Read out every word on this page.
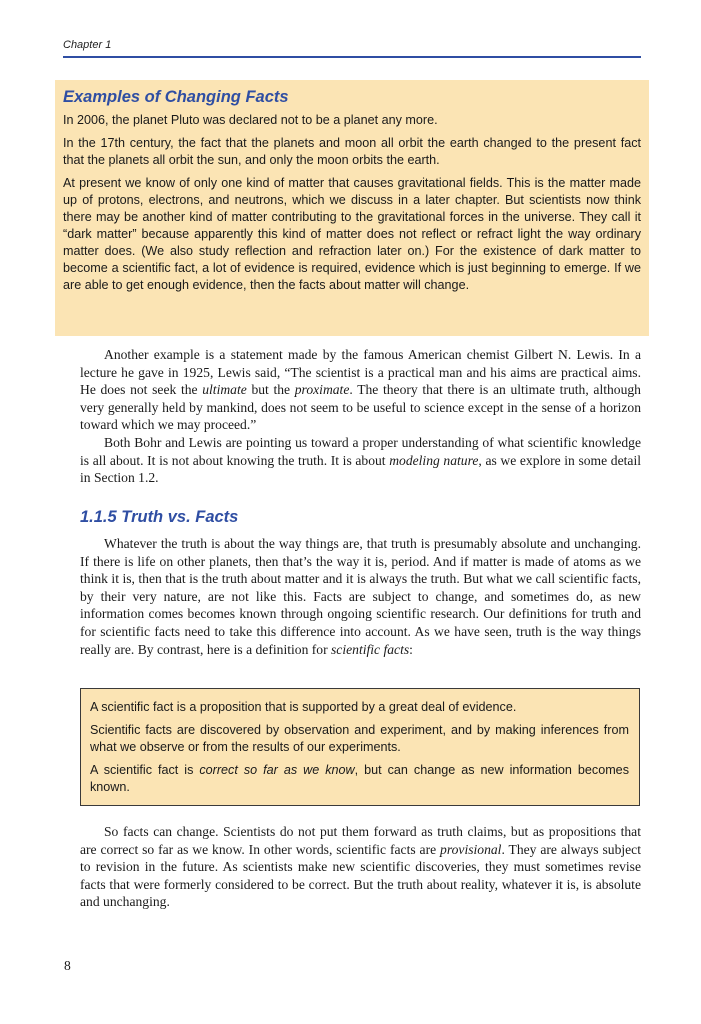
Chapter 1
Examples of Changing Facts

In 2006, the planet Pluto was declared not to be a planet any more.

In the 17th century, the fact that the planets and moon all orbit the earth changed to the present fact that the planets all orbit the sun, and only the moon orbits the earth.

At present we know of only one kind of matter that causes gravitational fields. This is the matter made up of protons, electrons, and neutrons, which we discuss in a later chapter. But scientists now think there may be another kind of matter contributing to the gravitational forces in the universe. They call it “dark matter” because apparently this kind of matter does not reflect or refract light the way ordinary matter does. (We also study reflection and refraction later on.) For the existence of dark matter to become a scientific fact, a lot of evidence is required, evidence which is just beginning to emerge. If we are able to get enough evidence, then the facts about matter will change.

Another example is a statement made by the famous American chemist Gilbert N. Lewis. In a lecture he gave in 1925, Lewis said, “The scientist is a practical man and his aims are practical aims. He does not seek the ultimate but the proximate. The theory that there is an ultimate truth, although very generally held by mankind, does not seem to be useful to science except in the sense of a horizon toward which we may proceed.”

Both Bohr and Lewis are pointing us toward a proper understanding of what scientific knowledge is all about. It is not about knowing the truth. It is about modeling nature, as we explore in some detail in Section 1.2.

1.1.5 Truth vs. Facts

Whatever the truth is about the way things are, that truth is presumably absolute and unchanging. If there is life on other planets, then that’s the way it is, period. And if matter is made of atoms as we think it is, then that is the truth about matter and it is always the truth. But what we call scientific facts, by their very nature, are not like this. Facts are subject to change, and sometimes do, as new information comes becomes known through ongoing scientific research. Our definitions for truth and for scientific facts need to take this difference into account. As we have seen, truth is the way things really are. By contrast, here is a definition for scientific facts:

A scientific fact is a proposition that is supported by a great deal of evidence.

Scientific facts are discovered by observation and experiment, and by making inferences from what we observe or from the results of our experiments.

A scientific fact is correct so far as we know, but can change as new information becomes known.

So facts can change. Scientists do not put them forward as truth claims, but as propositions that are correct so far as we know. In other words, scientific facts are provisional. They are always subject to revision in the future. As scientists make new scientific discoveries, they must sometimes revise facts that were formerly considered to be correct. But the truth about reality, whatever it is, is absolute and unchanging.

8
